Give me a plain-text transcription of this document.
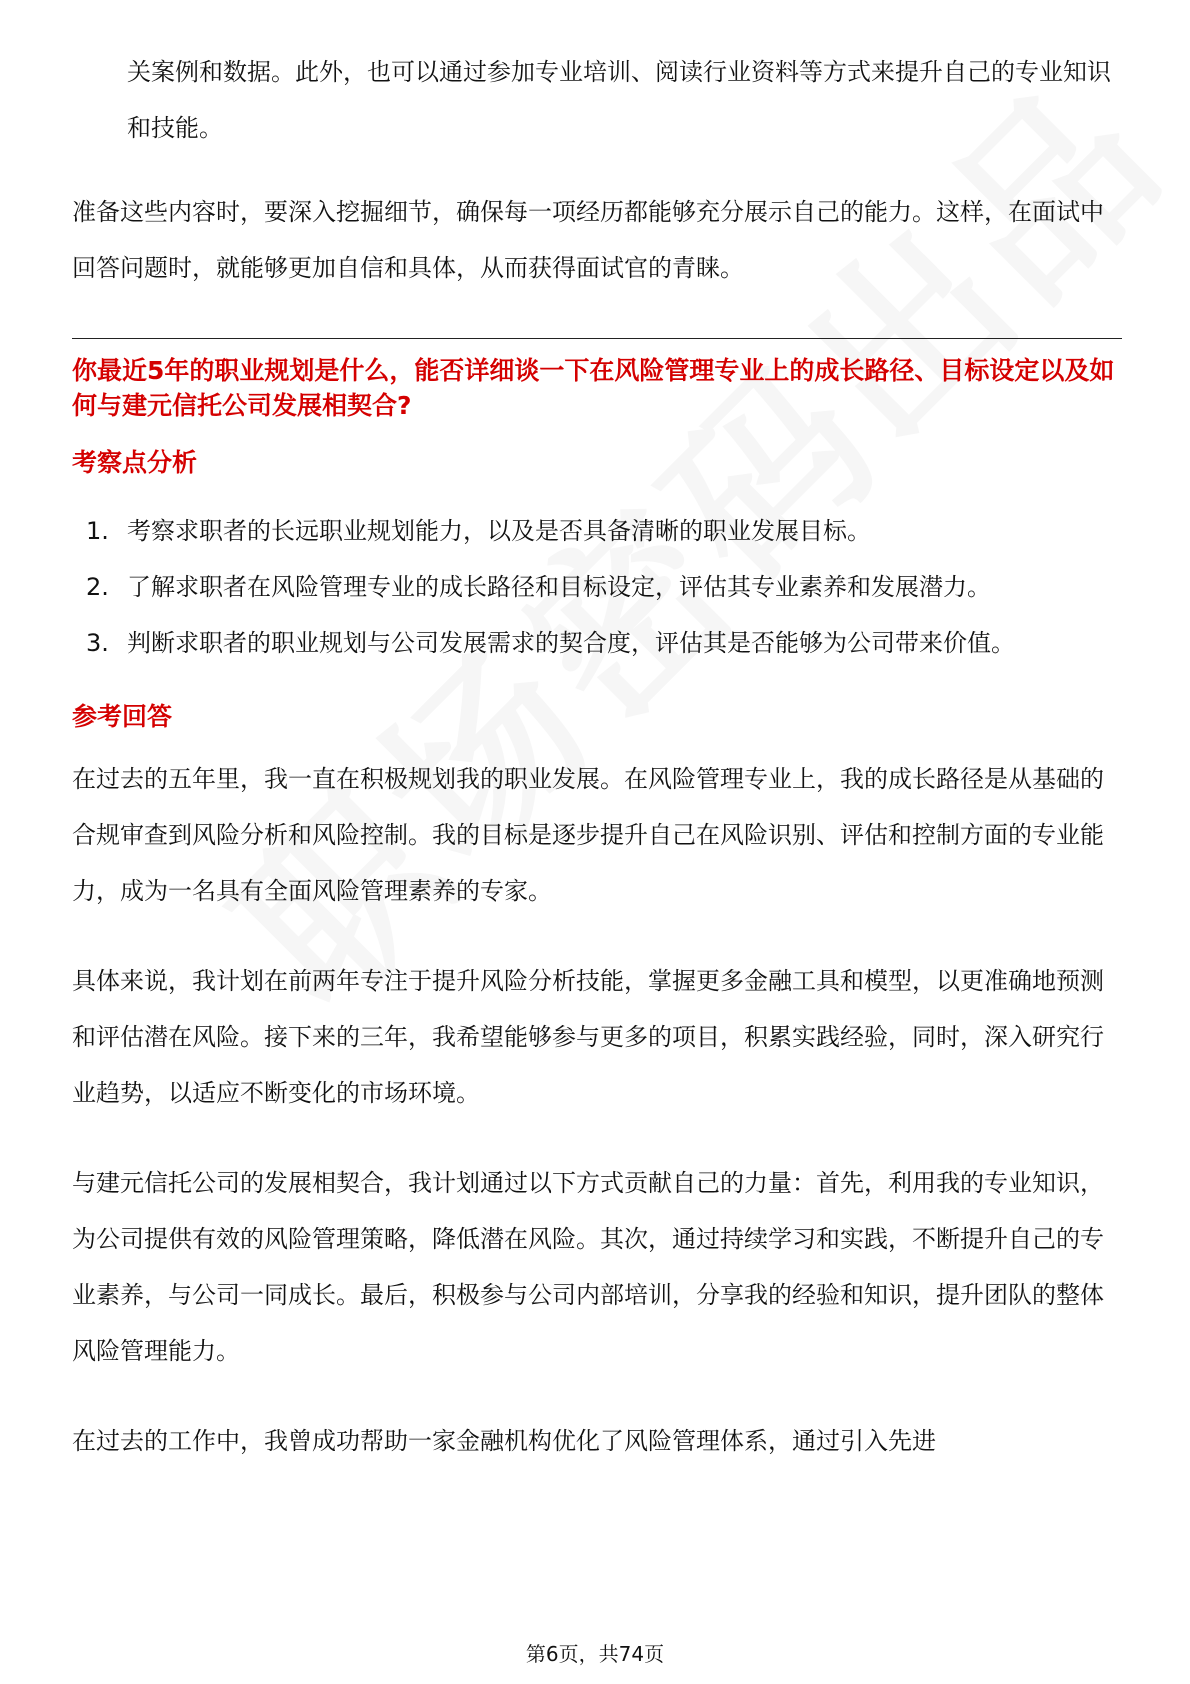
关案例和数据。此外，也可以通过参加专业培训、阅读行业资料等方式来提升自己的专业知识和技能。

准备这些内容时，要深入挖掘细节，确保每一项经历都能够充分展示自己的能力。这样，在面试中回答问题时，就能够更加自信和具体，从而获得面试官的青睐。

你最近5年的职业规划是什么，能否详细谈一下在风险管理专业上的成长路径、目标设定以及如何与建元信托公司发展相契合?

考察点分析
1. 考察求职者的长远职业规划能力，以及是否具备清晰的职业发展目标。
2. 了解求职者在风险管理专业的成长路径和目标设定，评估其专业素养和发展潜力。
3. 判断求职者的职业规划与公司发展需求的契合度，评估其是否能够为公司带来价值。
参考回答

在过去的五年里，我一直在积极规划我的职业发展。在风险管理专业上，我的成长路径是从基础的合规审查到风险分析和风险控制。我的目标是逐步提升自己在风险识别、评估和控制方面的专业能力，成为一名具有全面风险管理素养的专家。

具体来说，我计划在前两年专注于提升风险分析技能，掌握更多金融工具和模型，以更准确地预测和评估潜在风险。接下来的三年，我希望能够参与更多的项目，积累实践经验，同时，深入研究行业趋势，以适应不断变化的市场环境。

与建元信托公司的发展相契合，我计划通过以下方式贡献自己的力量：首先，利用我的专业知识，为公司提供有效的风险管理策略，降低潜在风险。其次，通过持续学习和实践，不断提升自己的专业素养，与公司一同成长。最后，积极参与公司内部培训，分享我的经验和知识，提升团队的整体风险管理能力。

在过去的工作中，我曾成功帮助一家金融机构优化了风险管理体系，通过引入先进

第6页，共74页
